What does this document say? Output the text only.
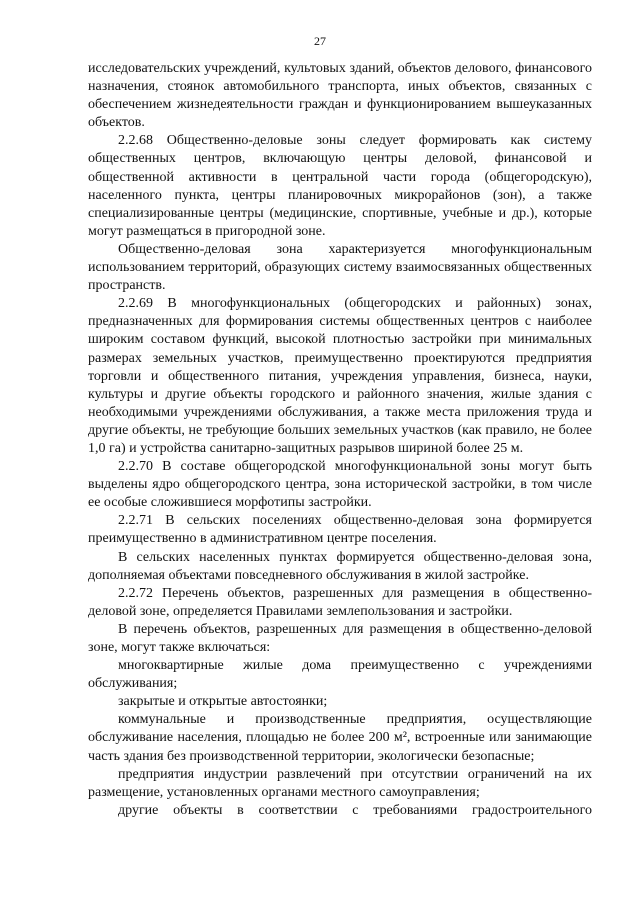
27

исследовательских учреждений, культовых зданий, объектов делового, финансового назначения, стоянок автомобильного транспорта, иных объектов, связанных с обеспечением жизнедеятельности граждан и функционированием вышеуказанных объектов.

2.2.68 Общественно-деловые зоны следует формировать как систему общественных центров, включающую центры деловой, финансовой и общественной активности в центральной части города (общегородскую), населенного пункта, центры планировочных микрорайонов (зон), а также специализированные центры (медицинские, спортивные, учебные и др.), которые могут размещаться в пригородной зоне.

Общественно-деловая зона характеризуется многофункциональным использованием территорий, образующих систему взаимосвязанных общественных пространств.

2.2.69 В многофункциональных (общегородских и районных) зонах, предназначенных для формирования системы общественных центров с наиболее широким составом функций, высокой плотностью застройки при минимальных размерах земельных участков, преимущественно проектируются предприятия торговли и общественного питания, учреждения управления, бизнеса, науки, культуры и другие объекты городского и районного значения, жилые здания с необходимыми учреждениями обслуживания, а также места приложения труда и другие объекты, не требующие больших земельных участков (как правило, не более 1,0 га) и устройства санитарно-защитных разрывов шириной более 25 м.

2.2.70 В составе общегородской многофункциональной зоны могут быть выделены ядро общегородского центра, зона исторической застройки, в том числе ее особые сложившиеся морфотипы застройки.

2.2.71 В сельских поселениях общественно-деловая зона формируется преимущественно в административном центре поселения.

В сельских населенных пунктах формируется общественно-деловая зона, дополняемая объектами повседневного обслуживания в жилой застройке.

2.2.72 Перечень объектов, разрешенных для размещения в общественно-деловой зоне, определяется Правилами землепользования и застройки.

В перечень объектов, разрешенных для размещения в общественно-деловой зоне, могут также включаться:

многоквартирные жилые дома преимущественно с учреждениями обслуживания;

закрытые и открытые автостоянки;

коммунальные и производственные предприятия, осуществляющие обслуживание населения, площадью не более 200 м², встроенные или занимающие часть здания без производственной территории, экологически безопасные;

предприятия индустрии развлечений при отсутствии ограничений на их размещение, установленных органами местного самоуправления;

другие объекты в соответствии с требованиями градостроительного
